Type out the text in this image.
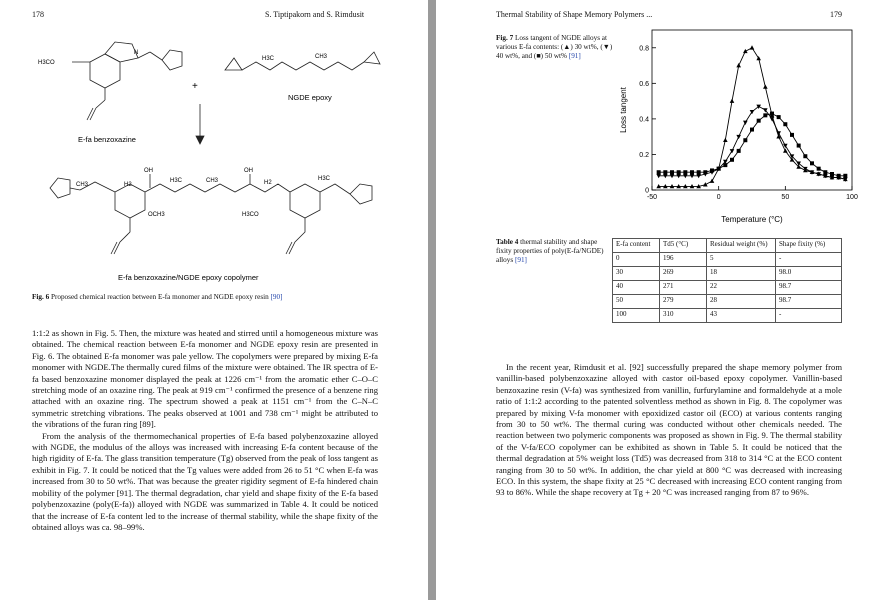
178	S. Tiptipakorn and S. Rimdusit
H3CO
N
H3C	CH3
+
E-fa benzoxazine
NGDE epoxy
OH	OH
H2
H3C	CH3	H2
OCH3	H3CO
CH3
H3C
E-fa benzoxazine/NGDE epoxy copolymer
Fig. 6 Proposed chemical reaction between E-fa monomer and NGDE epoxy resin [90]

1:1:2 as shown in Fig. 5. Then, the mixture was heated and stirred until a homogeneous mixture was obtained. The chemical reaction between E-fa monomer and NGDE epoxy resin are presented in Fig. 6. The obtained E-fa monomer was pale yellow. The copolymers were prepared by mixing E-fa monomer with NGDE.The thermally cured films of the mixture were obtained. The IR spectra of E-fa based benzoxazine monomer displayed the peak at 1226 cm⁻¹ from the aromatic ether C–O–C stretching mode of an oxazine ring. The peak at 919 cm⁻¹ confirmed the presence of a benzene ring attached with an oxazine ring. The spectrum showed a peak at 1151 cm⁻¹ from the C–N–C symmetric stretching vibrations. The peaks observed at 1001 and 738 cm⁻¹ might be attributed to the vibrations of the furan ring [89].

From the analysis of the thermomechanical properties of E-fa based polybenzoxazine alloyed with NGDE, the modulus of the alloys was increased with increasing E-fa content because of the high rigidity of E-fa. The glass transition temperature (Tg) observed from the peak of loss tangent as exhibit in Fig. 7. It could be noticed that the Tg values were added from 26 to 51 °C when E-fa was increased from 30 to 50 wt%. That was because the greater rigidity segment of E-fa hindered chain mobility of the polymer [91]. The thermal degradation, char yield and shape fixity of the E-fa based polybenzoxazine (poly(E-fa)) alloyed with NGDE was summarized in Table 4. It could be noticed that the increase of E-fa content led to the increase of thermal stability, while the shape fixity of the obtained alloys was ca. 98–99%.

Thermal Stability of Shape Memory Polymers ...	179
Fig. 7 Loss tangent of NGDE alloys at various E-fa contents: (▲) 30 wt%, (▼) 40 wt%, and (■) 50 wt% [91]
-50	0	50	100
0
0.2
0.4
0.6
0.8
Temperature (°C)
Loss tangent
Table 4 thermal stability and shape fixity properties of poly(E-fa/NGDE) alloys [91]
E-fa content	Td5 (°C)	Residual weight (%)	Shape fixity (%)
0	196	5	-
30	269	18	98.0
40	271	22	98.7
50	279	28	98.7
100	310	43	-

In the recent year, Rimdusit et al. [92] successfully prepared the shape memory polymer from vanillin-based polybenzoxazine alloyed with castor oil-based epoxy copolymer. Vanillin-based benzoxazine resin (V-fa) was synthesized from vanillin, furfurylamine and formaldehyde at a mole ratio of 1:1:2 according to the patented solventless method as shown in Fig. 8. The copolymer was prepared by mixing V-fa monomer with epoxidized castor oil (ECO) at various contents ranging from 30 to 50 wt%. The thermal curing was conducted without other chemicals needed. The reaction between two polymeric components was proposed as shown in Fig. 9. The thermal stability of the V-fa/ECO copolymer can be exhibited as shown in Table 5. It could be noticed that the thermal degradation at 5% weight loss (Td5) was decreased from 318 to 314 °C at the ECO content ranging from 30 to 50 wt%. In addition, the char yield at 800 °C was decreased with increasing ECO. In this system, the shape fixity at 25 °C decreased with increasing ECO content ranging from 93 to 86%. While the shape recovery at Tg + 20 °C was increased ranging from 87 to 96%.
